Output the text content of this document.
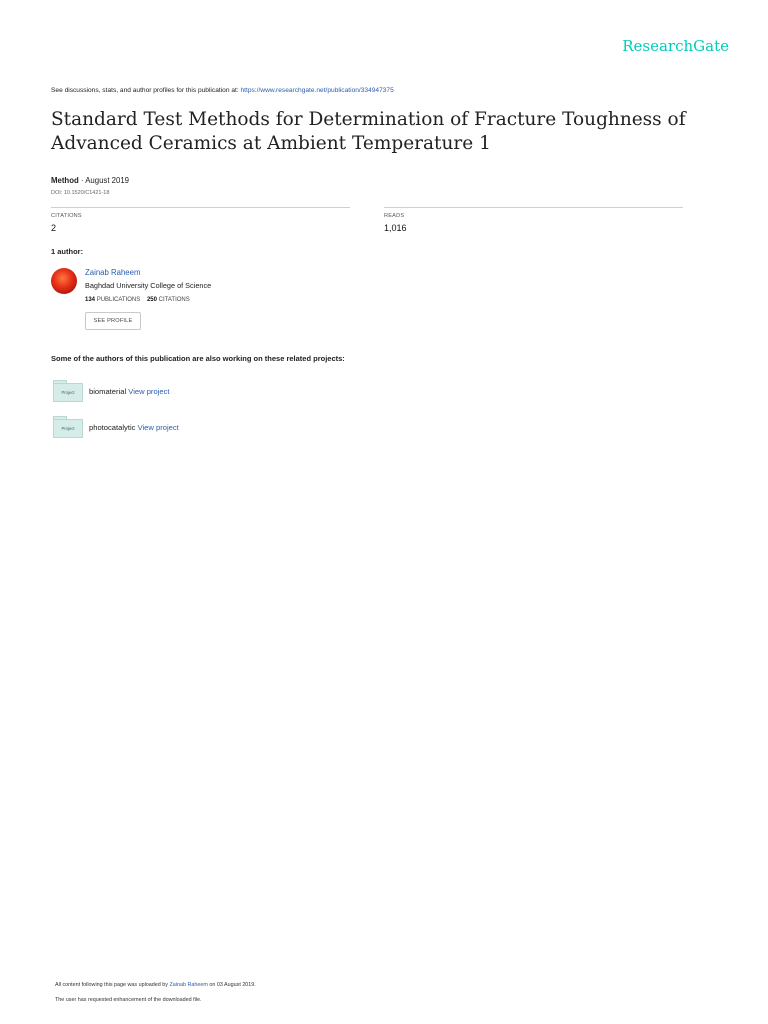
ResearchGate
See discussions, stats, and author profiles for this publication at: https://www.researchgate.net/publication/334947375
Standard Test Methods for Determination of Fracture Toughness of Advanced Ceramics at Ambient Temperature 1
Method · August 2019
DOI: 10.1520/C1421-18
CITATIONS
2
READS
1,016
1 author:
Zainab Raheem
Baghdad University College of Science
134 PUBLICATIONS 250 CITATIONS
SEE PROFILE
Some of the authors of this publication are also working on these related projects:
Project	biomaterial View project
Project	photocatalytic View project
All content following this page was uploaded by Zainab Raheem on 03 August 2019.
The user has requested enhancement of the downloaded file.
